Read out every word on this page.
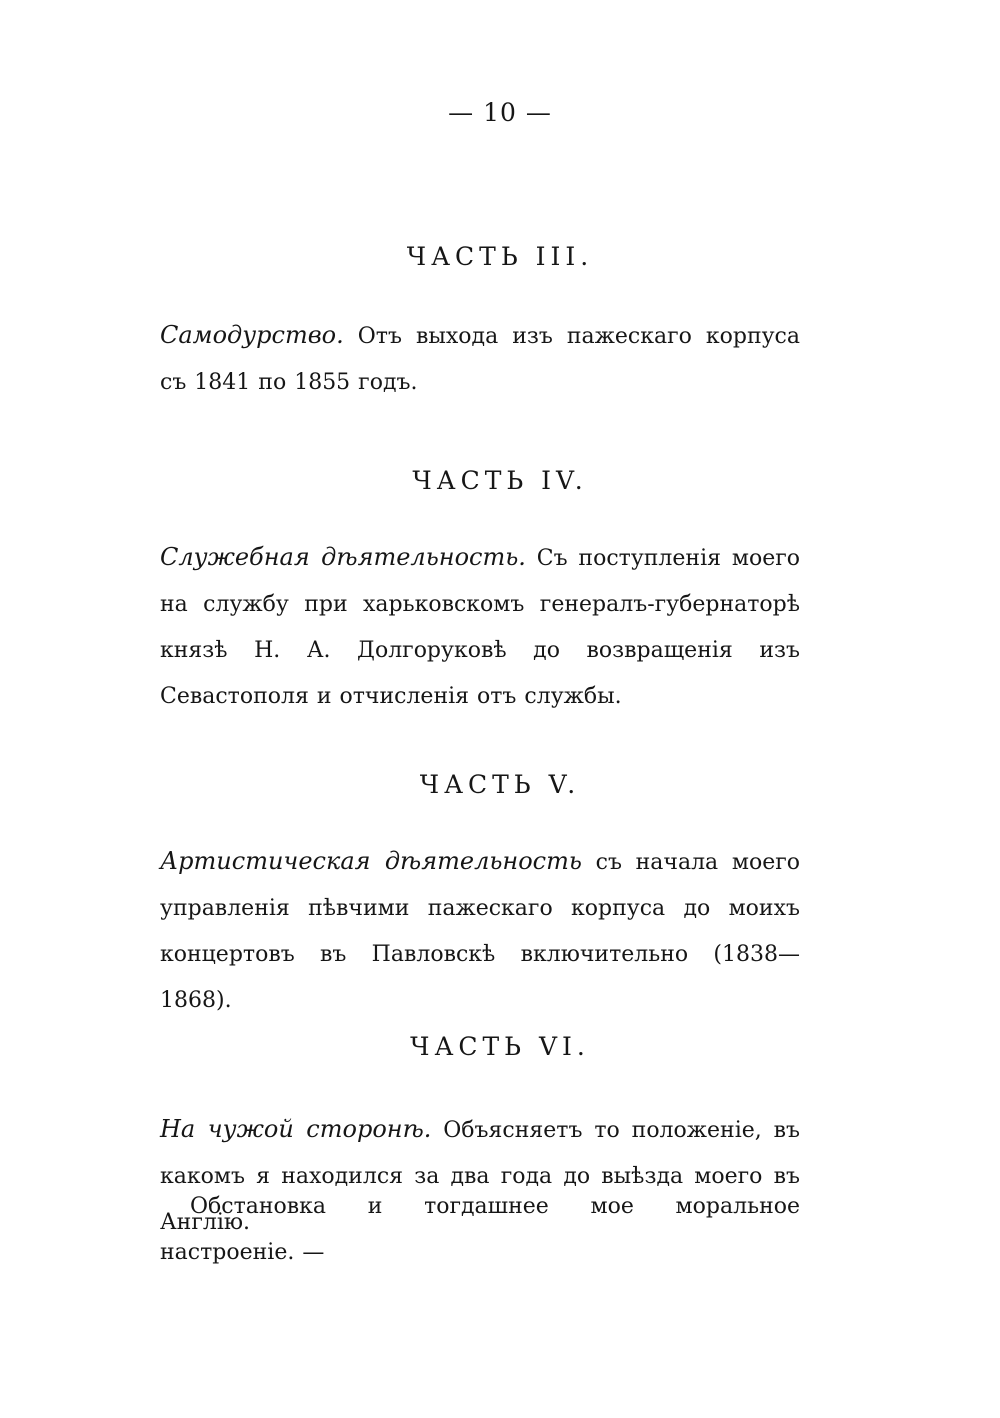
— 10 —
ЧАСТЬ III.
Самодурство. Отъ выхода изъ пажескаго корпуса съ 1841 по 1855 годъ.
ЧАСТЬ IV.
Служебная дѣятельность. Съ поступленія моего на службу при харьковскомъ генералъ-губернаторѣ князѣ Н. А. Долгоруковѣ до возвращенія изъ Севастополя и отчисленія отъ службы.
ЧАСТЬ V.
Артистическая дѣятельность съ начала моего управленія пѣвчими пажескаго корпуса до моихъ концертовъ въ Павловскѣ включительно (1838—1868).
ЧАСТЬ VI.
На чужой сторонѣ. Объясняетъ то положеніе, въ какомъ я находился за два года до выѣзда моего въ Англію.
Обстановка и тогдашнее мое моральное настроеніе. —
